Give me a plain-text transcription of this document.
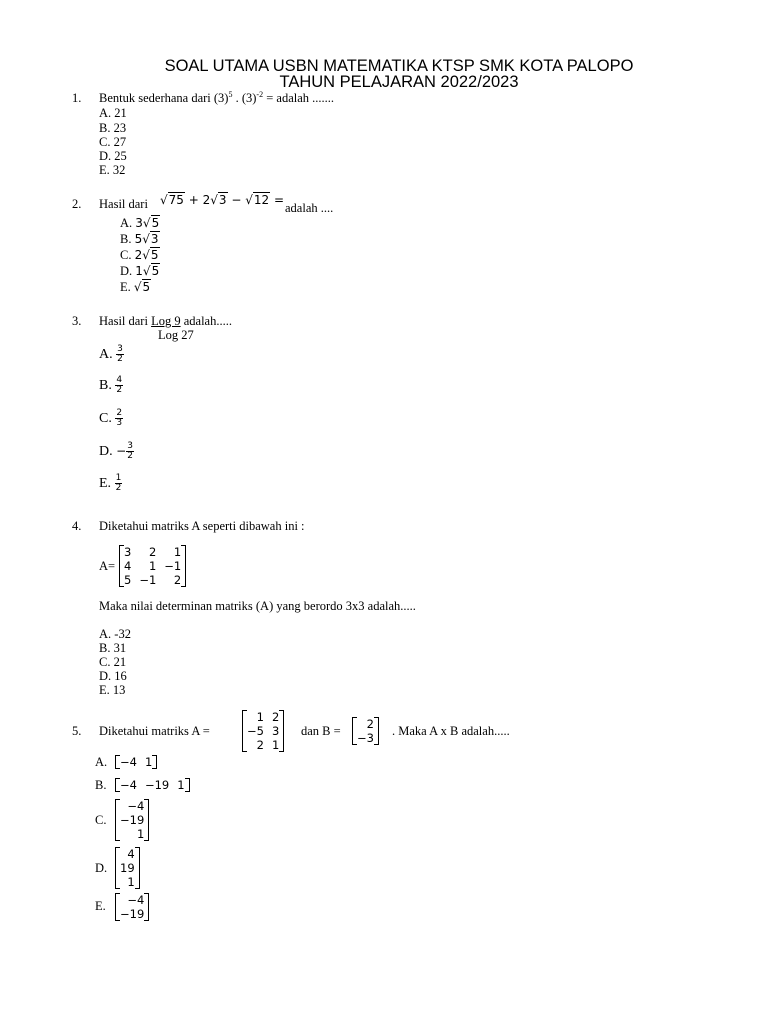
SOAL UTAMA USBN MATEMATIKA KTSP SMK KOTA PALOPO
TAHUN PELAJARAN 2022/2023
1. Bentuk sederhana dari $(3)^5$ . $(3)^{-2}$ = adalah .......
A. 21
B. 23
C. 27
D. 25
E. 32
2. Hasil dari √75 + 2√3 − √12 =
adalah ....
A. 3√5
B. 5√3
C. 2√5
D. 1√5
E. √5
3. Hasil dari Log 9 adalah.....
Log 27
A. $\frac{3}{2}$
B. $\frac{4}{2}$
C. $\frac{2}{3}$
D. − $\frac{3}{2}$
E. $\frac{1}{2}$
4. Diketahui matriks A seperti dibawah ini :
A=
3	2	1
4	1	−1
5	−1	2
Maka nilai determinan matriks (A) yang berordo 3x3 adalah.....
A. -32
B. 31
C. 21
D. 16
E. 13
5. Diketahui matriks A =
1	2
−5	3
2	1
dan B = 2
−3 . Maka A x B adalah.....
A. −4	1
B. −4	−19	1
C.
−4
−19
1
D.
4
19
1
E. −4
−19
